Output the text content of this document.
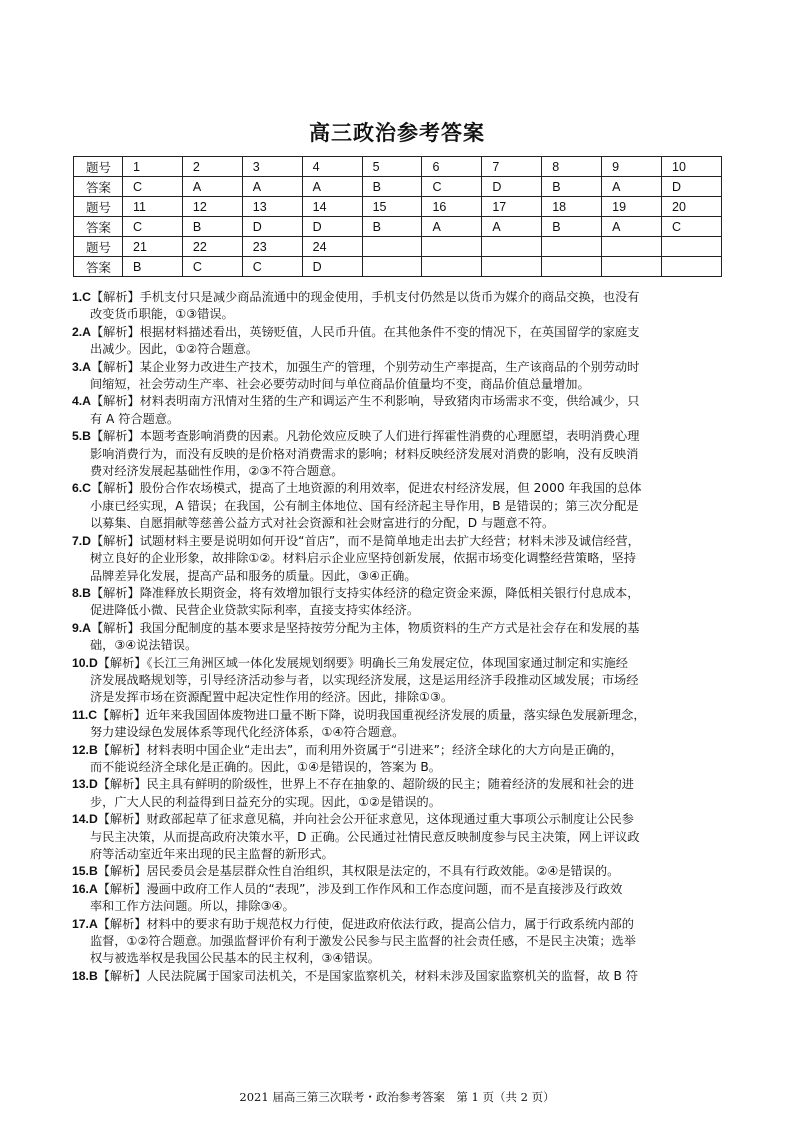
高三政治参考答案
题号	1	2	3	4	5	6	7	8	9	10
答案	C	A	A	A	B	C	D	B	A	D
题号	11	12	13	14	15	16	17	18	19	20
答案	C	B	D	D	B	A	A	B	A	C
题号	21	22	23	24						
答案	B	C	C	D						
1.C【解析】手机支付只是减少商品流通中的现金使用，手机支付仍然是以货币为媒介的商品交换，也没有
改变货币职能，①③错误。
2.A【解析】根据材料描述看出，英镑贬值，人民币升值。在其他条件不变的情况下，在英国留学的家庭支
出减少。因此，①②符合题意。
3.A【解析】某企业努力改进生产技术，加强生产的管理，个别劳动生产率提高，生产该商品的个别劳动时
间缩短，社会劳动生产率、社会必要劳动时间与单位商品价值量均不变，商品价值总量增加。
4.A【解析】材料表明南方汛情对生猪的生产和调运产生不利影响，导致猪肉市场需求不变，供给减少，只
有 A 符合题意。
5.B【解析】本题考查影响消费的因素。凡勃伦效应反映了人们进行挥霍性消费的心理愿望，表明消费心理
影响消费行为，而没有反映的是价格对消费需求的影响；材料反映经济发展对消费的影响，没有反映消
费对经济发展起基础性作用，②③不符合题意。
6.C【解析】股份合作农场模式，提高了土地资源的利用效率，促进农村经济发展，但 2000 年我国的总体
小康已经实现，A 错误；在我国，公有制主体地位、国有经济起主导作用，B 是错误的；第三次分配是
以募集、自愿捐献等慈善公益方式对社会资源和社会财富进行的分配，D 与题意不符。
7.D【解析】试题材料主要是说明如何开设“首店”，而不是简单地走出去扩大经营；材料未涉及诚信经营，
树立良好的企业形象，故排除①②。材料启示企业应坚持创新发展，依据市场变化调整经营策略，坚持
品牌差异化发展，提高产品和服务的质量。因此，③④正确。
8.B【解析】降准释放长期资金，将有效增加银行支持实体经济的稳定资金来源，降低相关银行付息成本，
促进降低小微、民营企业贷款实际利率，直接支持实体经济。
9.A【解析】我国分配制度的基本要求是坚持按劳分配为主体，物质资料的生产方式是社会存在和发展的基
础，③④说法错误。
10.D【解析】《长江三角洲区域一体化发展规划纲要》明确长三角发展定位，体现国家通过制定和实施经
济发展战略规划等，引导经济活动参与者，以实现经济发展，这是运用经济手段推动区域发展；市场经
济是发挥市场在资源配置中起决定性作用的经济。因此，排除①③。
11.C【解析】近年来我国固体废物进口量不断下降，说明我国重视经济发展的质量，落实绿色发展新理念，
努力建设绿色发展体系等现代化经济体系，①④符合题意。
12.B【解析】材料表明中国企业“走出去”，而利用外资属于“引进来”；经济全球化的大方向是正确的，
而不能说经济全球化是正确的。因此，①④是错误的，答案为 B。
13.D【解析】民主具有鲜明的阶级性，世界上不存在抽象的、超阶级的民主；随着经济的发展和社会的进
步，广大人民的利益得到日益充分的实现。因此，①②是错误的。
14.D【解析】财政部起草了征求意见稿，并向社会公开征求意见，这体现通过重大事项公示制度让公民参
与民主决策，从而提高政府决策水平，D 正确。公民通过社情民意反映制度参与民主决策，网上评议政
府等活动室近年来出现的民主监督的新形式。
15.B【解析】居民委员会是基层群众性自治组织，其权限是法定的，不具有行政效能。②④是错误的。
16.A【解析】漫画中政府工作人员的“表现”，涉及到工作作风和工作态度问题，而不是直接涉及行政效
率和工作方法问题。所以，排除③④。
17.A【解析】材料中的要求有助于规范权力行使，促进政府依法行政，提高公信力，属于行政系统内部的
监督，①②符合题意。加强监督评价有利于激发公民参与民主监督的社会责任感，不是民主决策；选举
权与被选举权是我国公民基本的民主权利，③④错误。
18.B【解析】人民法院属于国家司法机关，不是国家监察机关，材料未涉及国家监察机关的监督，故 B 符
2021 届高三第三次联考・政治参考答案　第 1 页（共 2 页）
